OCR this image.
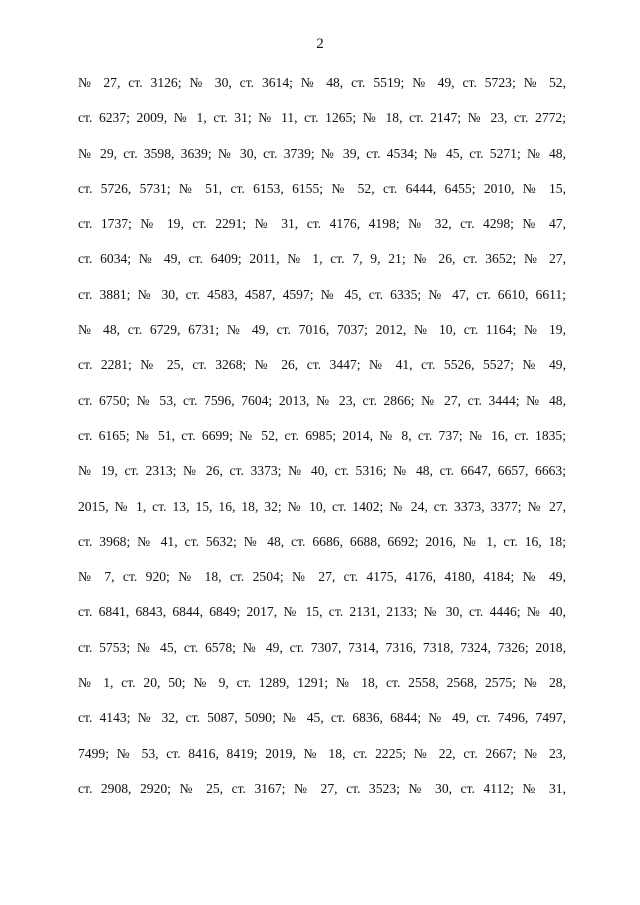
2
№ 27, ст. 3126; № 30, ст. 3614; № 48, ст. 5519; № 49, ст. 5723; № 52,
ст. 6237; 2009, № 1, ст. 31; № 11, ст. 1265; № 18, ст. 2147; № 23, ст. 2772;
№ 29, ст. 3598, 3639; № 30, ст. 3739; № 39, ст. 4534; № 45, ст. 5271; № 48,
ст. 5726, 5731; № 51, ст. 6153, 6155; № 52, ст. 6444, 6455; 2010, № 15,
ст. 1737; № 19, ст. 2291; № 31, ст. 4176, 4198; № 32, ст. 4298; № 47,
ст. 6034; № 49, ст. 6409; 2011, № 1, ст. 7, 9, 21; № 26, ст. 3652; № 27,
ст. 3881; № 30, ст. 4583, 4587, 4597; № 45, ст. 6335; № 47, ст. 6610, 6611;
№ 48, ст. 6729, 6731; № 49, ст. 7016, 7037; 2012, № 10, ст. 1164; № 19,
ст. 2281; № 25, ст. 3268; № 26, ст. 3447; № 41, ст. 5526, 5527; № 49,
ст. 6750; № 53, ст. 7596, 7604; 2013, № 23, ст. 2866; № 27, ст. 3444; № 48,
ст. 6165; № 51, ст. 6699; № 52, ст. 6985; 2014, № 8, ст. 737; № 16, ст. 1835;
№ 19, ст. 2313; № 26, ст. 3373; № 40, ст. 5316; № 48, ст. 6647, 6657, 6663;
2015, № 1, ст. 13, 15, 16, 18, 32; № 10, ст. 1402; № 24, ст. 3373, 3377; № 27,
ст. 3968; № 41, ст. 5632; № 48, ст. 6686, 6688, 6692; 2016, № 1, ст. 16, 18;
№ 7, ст. 920; № 18, ст. 2504; № 27, ст. 4175, 4176, 4180, 4184; № 49,
ст. 6841, 6843, 6844, 6849; 2017, № 15, ст. 2131, 2133; № 30, ст. 4446; № 40,
ст. 5753; № 45, ст. 6578; № 49, ст. 7307, 7314, 7316, 7318, 7324, 7326; 2018,
№ 1, ст. 20, 50; № 9, ст. 1289, 1291; № 18, ст. 2558, 2568, 2575; № 28,
ст. 4143; № 32, ст. 5087, 5090; № 45, ст. 6836, 6844; № 49, ст. 7496, 7497,
7499; № 53, ст. 8416, 8419; 2019, № 18, ст. 2225; № 22, ст. 2667; № 23,
ст. 2908, 2920; № 25, ст. 3167; № 27, ст. 3523; № 30, ст. 4112; № 31,
